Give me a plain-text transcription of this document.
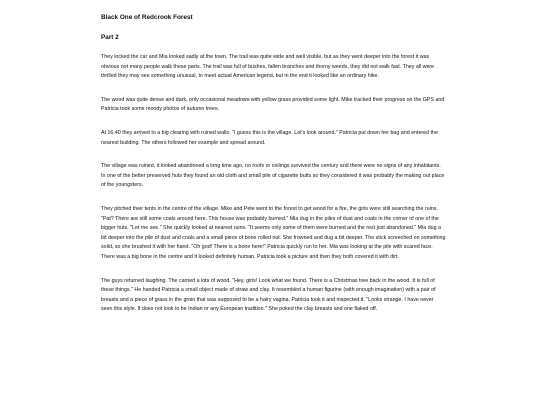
Black One of Redcrook Forest
Part 2

They locked the car and Mia looked sadly at the town. The trail was quite wide and well visible, but as they went deeper into the forest it was obvious not many people walk these parts. The trail was full of bushes, fallen branches and thorny weeds, they did not walk fast. They all were thrilled they may see something unusual, to meet actual American legend, but in the end it looked like an ordinary hike.

The wood was quite dense and dark, only occasional meadows with yellow grass provided some light. Mike tracked their progress on the GPS and Patricia took some moody photos of autumn trees.

At 16:40 they arrived to a big clearing with ruined walls. "I guess this is the village. Let's look around." Patricia put down her bag and entered the nearest building. The others followed her example and spread around.

The village was ruined, it looked abandoned a long time ago, no roofs or ceilings survived the century and there were no signs of any inhabitants. In one of the better preserved huts they found an old cloth and small pile of cigarette butts so they considered it was probably the making out place of the youngsters.

They pitched their tents in the centre of the village. Mike and Pete went to the forest to get wood for a fire, the girls were still searching the ruins. "Pat? There are still some coals around here. This house was probably burned." Mia dug in the piles of dust and coals in the corner of one of the bigger huts. "Let me see." She quickly looked at nearest ruins. "It seems only some of them were burned and the rest just abandoned." Mia dug a bit deeper into the pile of dust and coals and a small piece of bone rolled out. She frowned and dug a bit deeper. The stick screeched on something solid, so she brushed it with her hand. "Oh god! There is a bone here!" Patricia quickly run to her. Mia was looking at the pile with scared face. There was a big bone in the centre and it looked definitely human. Patricia took a picture and then they both covered it with dirt.

The guys returned laughing. The carried a lots of wood. "Hey, girls! Look what we found. There is a Christmas tree back in the wood. It is full of these things." He handed Patricia a small object made of straw and clay. It resembled a human figurine (with enough imagination) with a pair of breasts and a piece of grass in the groin that was supposed to be a hairy vagina. Patricia took it and inspected it. "Looks strange. I have never seen this style. It does not look to be Indian or any European tradition." She poked the clay breasts and one flaked off.
